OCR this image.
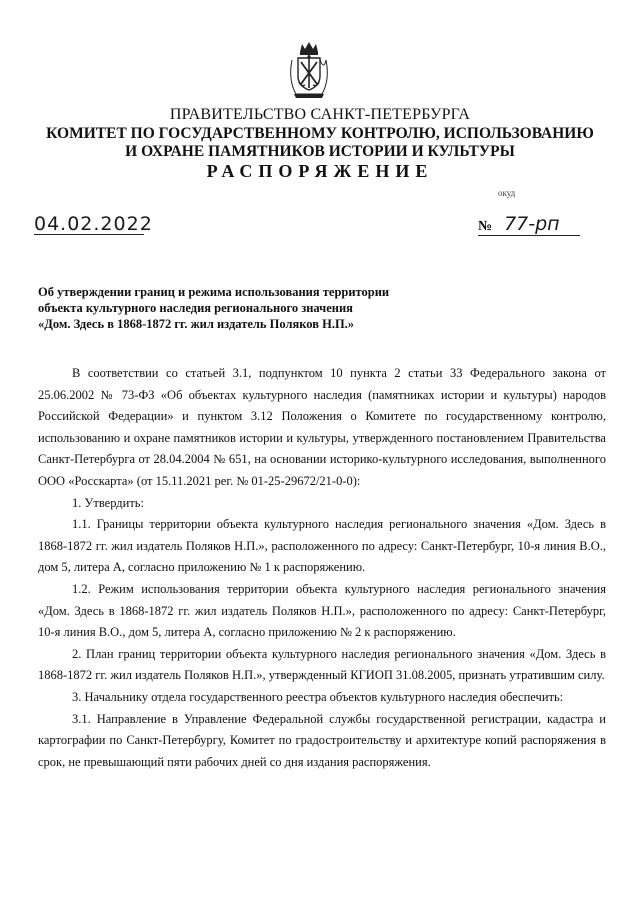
ПРАВИТЕЛЬСТВО САНКТ-ПЕТЕРБУРГА
КОМИТЕТ ПО ГОСУДАРСТВЕННОМУ КОНТРОЛЮ, ИСПОЛЬЗОВАНИЮ
И ОХРАНЕ ПАМЯТНИКОВ ИСТОРИИ И КУЛЬТУРЫ
РАСПОРЯЖЕНИЕ
окуд
04.02.2022	№ 77-рп
Об утверждении границ и режима использования территории
объекта культурного наследия регионального значения
«Дом. Здесь в 1868-1872 гг. жил издатель Поляков Н.П.»

В соответствии со статьей 3.1, подпунктом 10 пункта 2 статьи 33 Федерального закона от 25.06.2002 № 73-ФЗ «Об объектах культурного наследия (памятниках истории и культуры) народов Российской Федерации» и пунктом 3.12 Положения о Комитете по государственному контролю, использованию и охране памятников истории и культуры, утвержденного постановлением Правительства Санкт-Петербурга от 28.04.2004 № 651, на основании историко-культурного исследования, выполненного ООО «Росскарта» (от 15.11.2021 рег. № 01-25-29672/21-0-0):

1. Утвердить:

1.1. Границы территории объекта культурного наследия регионального значения «Дом. Здесь в 1868-1872 гг. жил издатель Поляков Н.П.», расположенного по адресу: Санкт-Петербург, 10-я линия В.О., дом 5, литера А, согласно приложению № 1 к распоряжению.

1.2. Режим использования территории объекта культурного наследия регионального значения «Дом. Здесь в 1868-1872 гг. жил издатель Поляков Н.П.», расположенного по адресу: Санкт-Петербург, 10-я линия В.О., дом 5, литера А, согласно приложению № 2 к распоряжению.

2. План границ территории объекта культурного наследия регионального значения «Дом. Здесь в 1868-1872 гг. жил издатель Поляков Н.П.», утвержденный КГИОП 31.08.2005, признать утратившим силу.

3. Начальнику отдела государственного реестра объектов культурного наследия обеспечить:

3.1. Направление в Управление Федеральной службы государственной регистрации, кадастра и картографии по Санкт-Петербургу, Комитет по градостроительству и архитектуре копий распоряжения в срок, не превышающий пяти рабочих дней со дня издания распоряжения.
